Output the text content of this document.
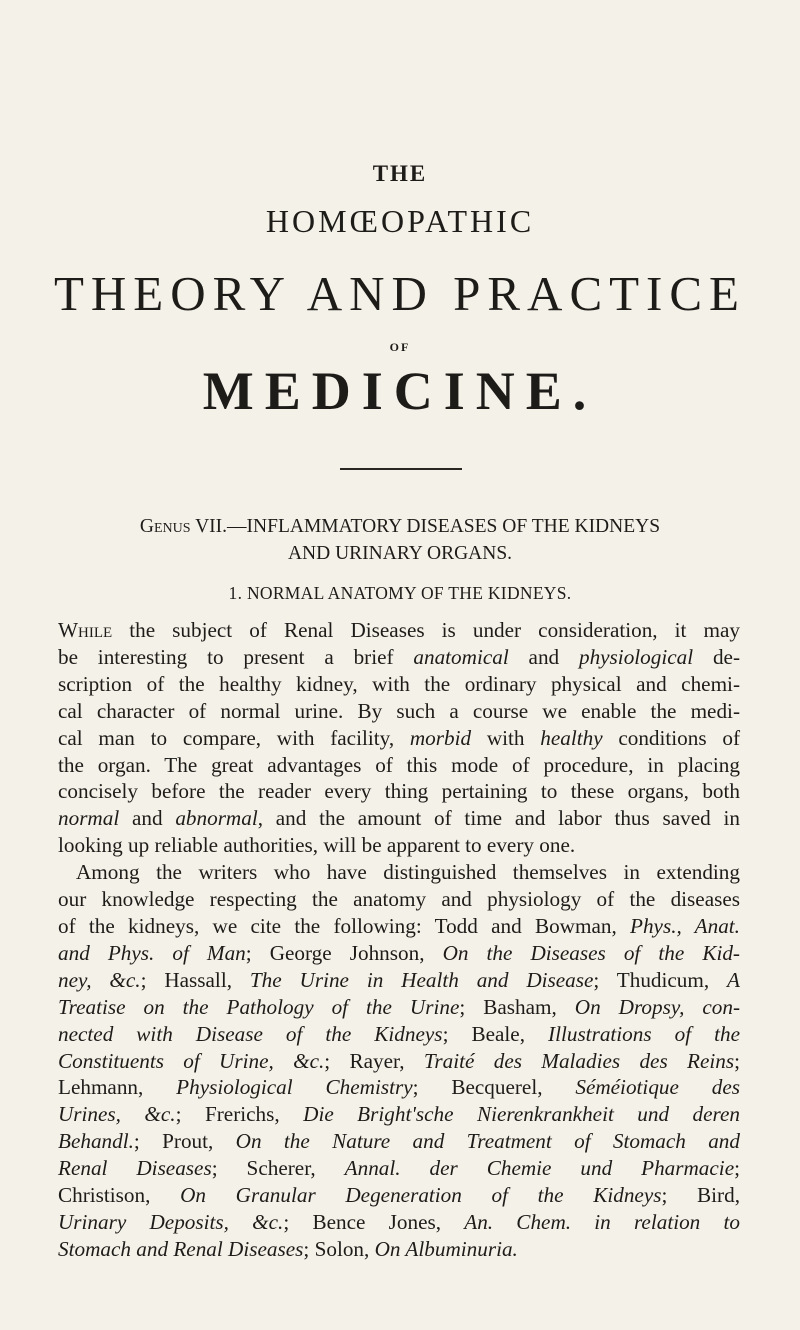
THE
HOMŒOPATHIC
THEORY AND PRACTICE
OF
MEDICINE.
Genus VII.—INFLAMMATORY DISEASES OF THE KIDNEYS
AND URINARY ORGANS.
1. NORMAL ANATOMY OF THE KIDNEYS.

While the subject of Renal Diseases is under consideration, it may
be interesting to present a brief anatomical and physiological de-
scription of the healthy kidney, with the ordinary physical and chemi-
cal character of normal urine. By such a course we enable the medi-
cal man to compare, with facility, morbid with healthy conditions of
the organ. The great advantages of this mode of procedure, in placing
concisely before the reader every thing pertaining to these organs, both
normal and abnormal, and the amount of time and labor thus saved in
looking up reliable authorities, will be apparent to every one.

Among the writers who have distinguished themselves in extending
our knowledge respecting the anatomy and physiology of the diseases
of the kidneys, we cite the following: Todd and Bowman, Phys., Anat.
and Phys. of Man; George Johnson, On the Diseases of the Kid-
ney, &c.; Hassall, The Urine in Health and Disease; Thudicum, A
Treatise on the Pathology of the Urine; Basham, On Dropsy, con-
nected with Disease of the Kidneys; Beale, Illustrations of the
Constituents of Urine, &c.; Rayer, Traité des Maladies des Reins;
Lehmann, Physiological Chemistry; Becquerel, Séméiotique des
Urines, &c.; Frerichs, Die Bright'sche Nierenkrankheit und deren
Behandl.; Prout, On the Nature and Treatment of Stomach and
Renal Diseases; Scherer, Annal. der Chemie und Pharmacie;
Christison, On Granular Degeneration of the Kidneys; Bird,
Urinary Deposits, &c.; Bence Jones, An. Chem. in relation to
Stomach and Renal Diseases; Solon, On Albuminuria.
